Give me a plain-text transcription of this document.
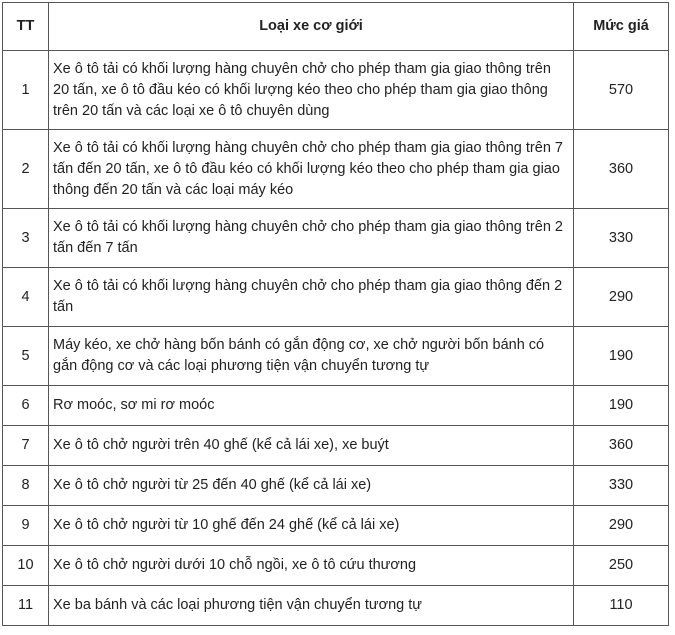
TT	Loại xe cơ giới	Mức giá
1	Xe ô tô tải có khối lượng hàng chuyên chở cho phép tham gia giao thông trên 20 tấn, xe ô tô đầu kéo có khối lượng kéo theo cho phép tham gia giao thông trên 20 tấn và các loại xe ô tô chuyên dùng	570
2	Xe ô tô tải có khối lượng hàng chuyên chở cho phép tham gia giao thông trên 7 tấn đến 20 tấn, xe ô tô đầu kéo có khối lượng kéo theo cho phép tham gia giao thông đến 20 tấn và các loại máy kéo	360
3	Xe ô tô tải có khối lượng hàng chuyên chở cho phép tham gia giao thông trên 2 tấn đến 7 tấn	330
4	Xe ô tô tải có khối lượng hàng chuyên chở cho phép tham gia giao thông đến 2 tấn	290
5	Máy kéo, xe chở hàng bốn bánh có gắn động cơ, xe chở người bốn bánh có gắn động cơ và các loại phương tiện vận chuyển tương tự	190
6	Rơ moóc, sơ mi rơ moóc	190
7	Xe ô tô chở người trên 40 ghế (kể cả lái xe), xe buýt	360
8	Xe ô tô chở người từ 25 đến 40 ghế (kể cả lái xe)	330
9	Xe ô tô chở người từ 10 ghế đến 24 ghế (kể cả lái xe)	290
10	Xe ô tô chở người dưới 10 chỗ ngồi, xe ô tô cứu thương	250
11	Xe ba bánh và các loại phương tiện vận chuyển tương tự	110
